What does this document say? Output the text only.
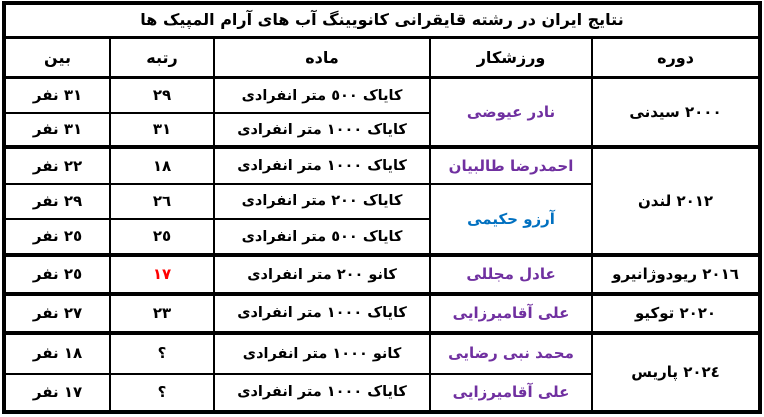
نتایج ایران در رشته قایقرانی کانویینگ آب های آرام المپیک ها				
دوره	ورزشکار	ماده	رتبه	بین
٢٠٠٠ سیدنی	نادر عیوضی	کایاک ٥٠٠ متر انفرادی	٢٩	٣١ نفر
		کایاک ١٠٠٠ متر انفرادی	٣١	٣١ نفر
٢٠١٢ لندن	احمدرضا طالبیان	کایاک ١٠٠٠ متر انفرادی	١٨	٢٢ نفر
	آرزو حکیمی	کایاک ٢٠٠ متر انفرادی	٢٦	٢٩ نفر
		کایاک ٥٠٠ متر انفرادی	٢٥	٢٥ نفر
٢٠١٦ ریودوژانیرو	عادل مجللی	کانو ٢٠٠ متر انفرادی	١٧	٢٥ نفر
٢٠٢٠ توکیو	علی آقامیرزایی	کایاک ١٠٠٠ متر انفرادی	٢٣	٢٧ نفر
٢٠٢٤ پاریس	محمد نبی رضایی	کانو ١٠٠٠ متر انفرادی	؟	١٨ نفر
	علی آقامیرزایی	کایاک ١٠٠٠ متر انفرادی	؟	١٧ نفر
